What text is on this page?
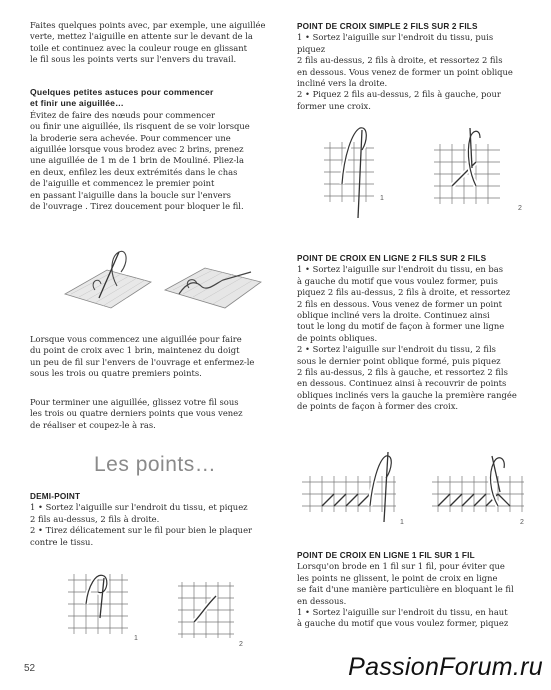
Faites quelques points avec, par exemple, une aiguillée

verte, mettez l'aiguille en attente sur le devant de la

toile et continuez avec la couleur rouge en glissant

le fil sous les points verts sur l'envers du travail.

Quelques petites astuces pour commencer

et finir une aiguillée…

Évitez de faire des nœuds pour commencer

ou finir une aiguillée, ils risquent de se voir lorsque

la broderie sera achevée. Pour commencer une

aiguillée lorsque vous brodez avec 2 brins, prenez

une aiguillée de 1 m de 1 brin de Mouliné. Pliez-la

en deux, enfilez les deux extrémités dans le chas

de l'aiguille et commencez le premier point

en passant l'aiguille dans la boucle sur l'envers

de l'ouvrage . Tirez doucement pour bloquer le fil.

Lorsque vous commencez une aiguillée pour faire

du point de croix avec 1 brin, maintenez du doigt

un peu de fil sur l'envers de l'ouvrage et enfermez-le

sous les trois ou quatre premiers points.

Pour terminer une aiguillée, glissez votre fil sous

les trois ou quatre derniers points que vous venez

de réaliser et coupez-le à ras.

Les points…

DEMI-POINT

1 • Sortez l'aiguille sur l'endroit du tissu, et piquez

2 fils au-dessus, 2 fils à droite.

2 • Tirez délicatement sur le fil pour bien le plaquer

contre le tissu.

1
2

POINT DE CROIX SIMPLE 2 FILS SUR 2 FILS

1 • Sortez l'aiguille sur l'endroit du tissu, puis piquez

2 fils au-dessus, 2 fils à droite, et ressortez 2 fils

en dessous. Vous venez de former un point oblique

incliné vers la droite.

2 • Piquez 2 fils au-dessus, 2 fils à gauche, pour

former une croix.

1
2

POINT DE CROIX EN LIGNE 2 FILS SUR 2 FILS

1 • Sortez l'aiguille sur l'endroit du tissu, en bas

à gauche du motif que vous voulez former, puis

piquez 2 fils au-dessus, 2 fils à droite, et ressortez

2 fils en dessous. Vous venez de former un point

oblique incliné vers la droite. Continuez ainsi

tout le long du motif de façon à former une ligne

de points obliques.

2 • Sortez l'aiguille sur l'endroit du tissu, 2 fils

sous le dernier point oblique formé, puis piquez

2 fils au-dessus, 2 fils à gauche, et ressortez 2 fils

en dessous. Continuez ainsi à recouvrir de points

obliques inclinés vers la gauche la première rangée

de points de façon à former des croix.

1	2

POINT DE CROIX EN LIGNE 1 FIL SUR 1 FIL

Lorsqu'on brode en 1 fil sur 1 fil, pour éviter que

les points ne glissent, le point de croix en ligne

se fait d'une manière particulière en bloquant le fil

en dessous.

1 • Sortez l'aiguille sur l'endroit du tissu, en haut

à gauche du motif que vous voulez former, piquez

52	PassionForum.ru
